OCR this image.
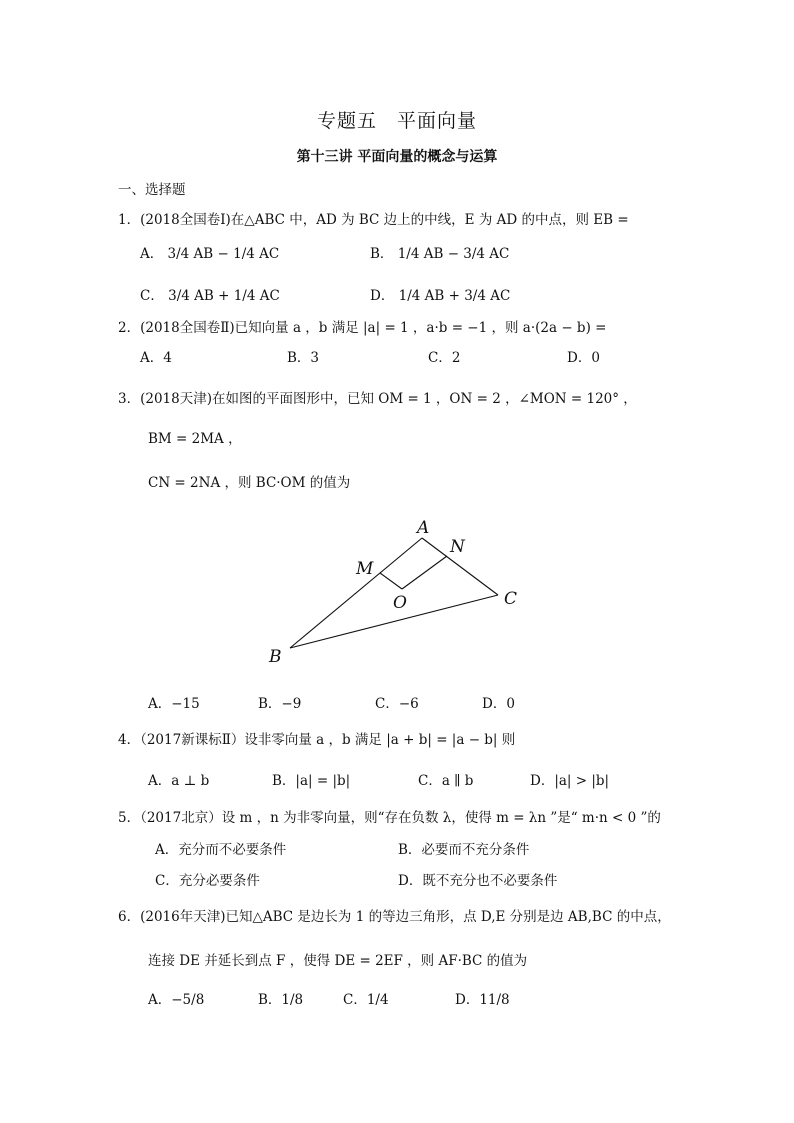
专题五　平面向量
第十三讲 平面向量的概念与运算
一、选择题
1．(2018全国卷Ⅰ)在△ABC 中，AD 为 BC 边上的中线，E 为 AD 的中点，则 EB =
A． 3/4 AB − 1/4 AC	B． 1/4 AB − 3/4 AC
C． 3/4 AB + 1/4 AC	D． 1/4 AB + 3/4 AC
2．(2018全国卷Ⅱ)已知向量 a ，b 满足 |a| = 1 ，a·b = −1 ，则 a·(2a − b) =
A．4	B．3	C．2	D．0
3．(2018天津)在如图的平面图形中，已知 OM = 1 ，ON = 2 ，∠MON = 120° ，
BM = 2MA ，
CN = 2NA ，则 BC·OM 的值为
A
N
M
O	C
B
A．−15	B．−9	C．−6	D．0
4．（2017新课标Ⅱ）设非零向量 a ，b 满足 |a + b| = |a − b| 则
A．a ⊥ b	B．|a| = |b|	C．a ∥ b	D．|a| > |b|
5．（2017北京）设 m ，n 为非零向量，则“存在负数 λ，使得 m = λn ”是“ m·n < 0 ”的
A．充分而不必要条件	B．必要而不充分条件
C．充分必要条件	D．既不充分也不必要条件
6．(2016年天津)已知△ABC 是边长为 1 的等边三角形，点 D,E 分别是边 AB,BC 的中点，
连接 DE 并延长到点 F ，使得 DE = 2EF ，则 AF·BC 的值为
A．−5/8	B．1/8	C．1/4	D．11/8
